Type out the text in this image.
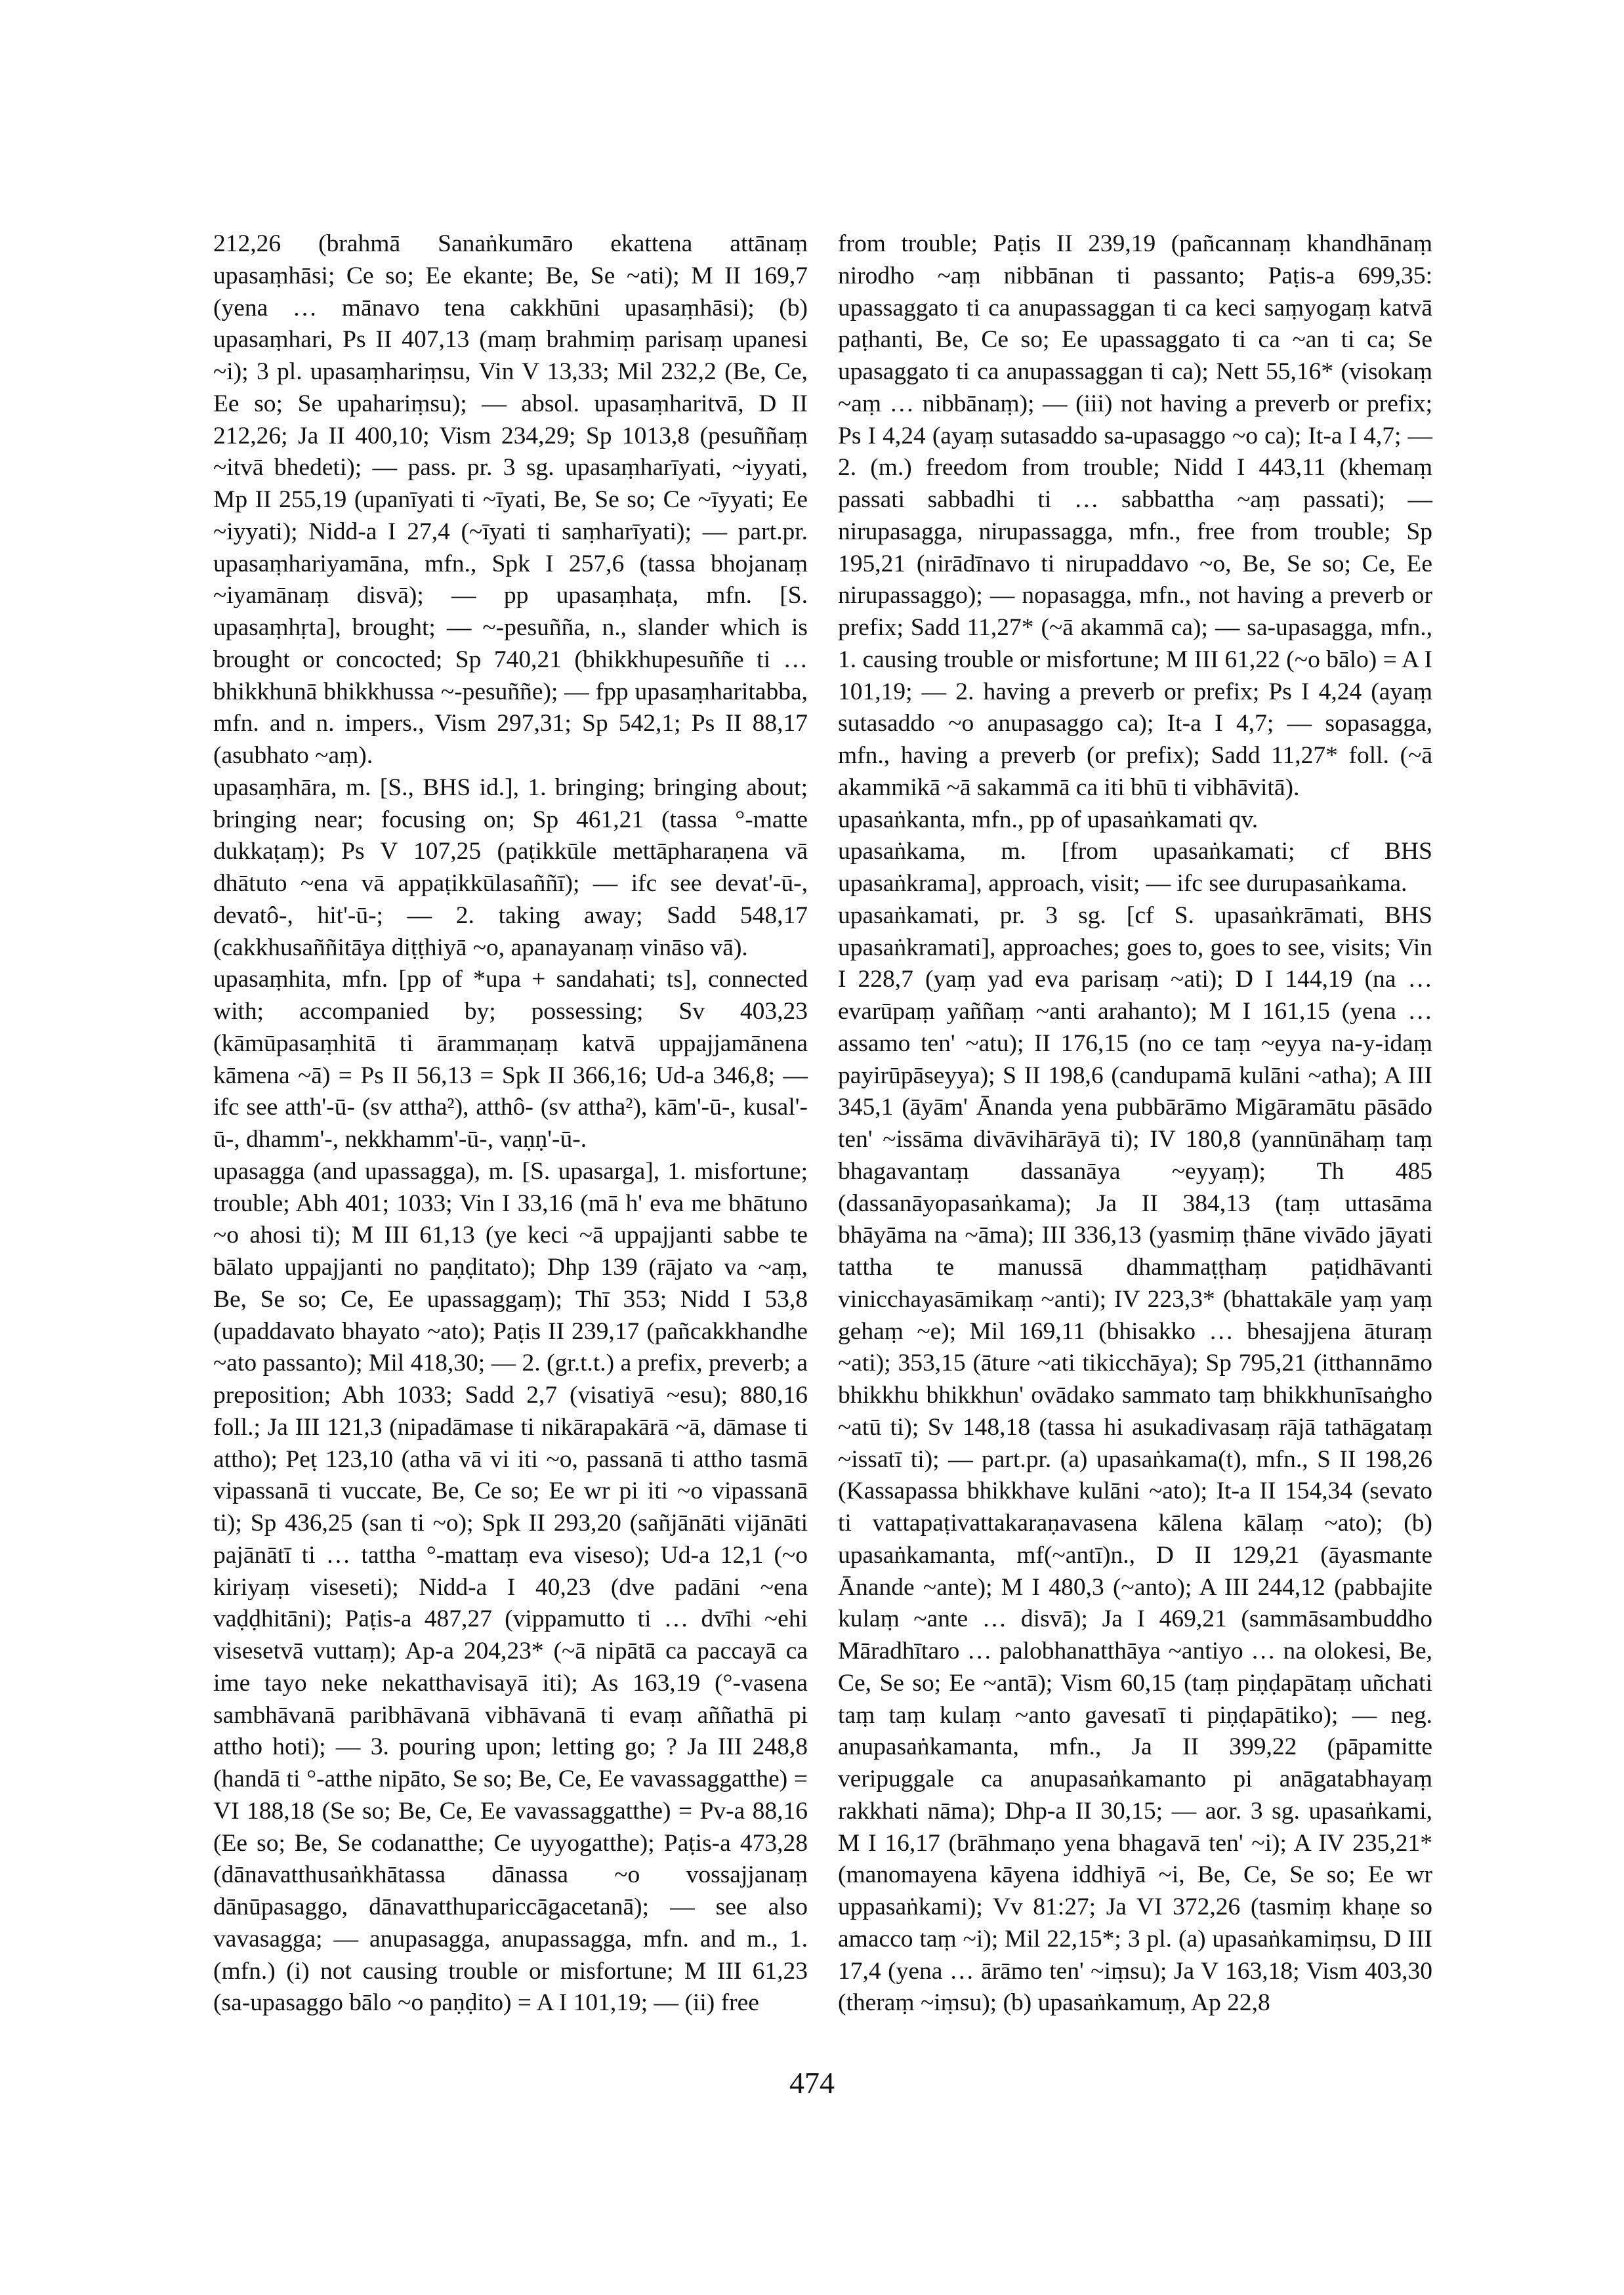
212,26 (brahmā Sanaṅkumāro ekattena attānaṃ upasaṃhāsi; Ce so; Ee ekante; Be, Se ~ati); M II 169,7 (yena … mānavo tena cakkhūni upasaṃhāsi); (b) upasaṃhari, Ps II 407,13 (maṃ brahmiṃ parisaṃ upanesi ~i); 3 pl. upasaṃhariṃsu, Vin V 13,33; Mil 232,2 (Be, Ce, Ee so; Se upahariṃsu); — absol. upasaṃharitvā, D II 212,26; Ja II 400,10; Vism 234,29; Sp 1013,8 (pesuññaṃ ~itvā bhedeti); — pass. pr. 3 sg. upasaṃharīyati, ~iyyati, Mp II 255,19 (upanīyati ti ~īyati, Be, Se so; Ce ~īyyati; Ee ~iyyati); Nidd-a I 27,4 (~īyati ti saṃharīyati); — part.pr. upasaṃhariyamāna, mfn., Spk I 257,6 (tassa bhojanaṃ ~iyamānaṃ disvā); — pp upasaṃhaṭa, mfn. [S. upasaṃhṛta], brought; — ~-pesuñña, n., slander which is brought or concocted; Sp 740,21 (bhikkhupesuññe ti … bhikkhunā bhikkhussa ~-pesuññe); — fpp upasaṃharitabba, mfn. and n. impers., Vism 297,31; Sp 542,1; Ps II 88,17 (asubhato ~aṃ).

upasaṃhāra, m. [S., BHS id.], 1. bringing; bringing about; bringing near; focusing on; Sp 461,21 (tassa °-matte dukkaṭaṃ); Ps V 107,25 (paṭikkūle mettāpharaṇena vā dhātuto ~ena vā appaṭikkūlasaññī); — ifc see devat'-ū-, devatô-, hit'-ū-; — 2. taking away; Sadd 548,17 (cakkhusaññitāya diṭṭhiyā ~o, apanayanaṃ vināso vā).

upasaṃhita, mfn. [pp of *upa + sandahati; ts], connected with; accompanied by; possessing; Sv 403,23 (kāmūpasaṃhitā ti ārammaṇaṃ katvā uppajjamānena kāmena ~ā) = Ps II 56,13 = Spk II 366,16; Ud-a 346,8; — ifc see atth'-ū- (sv attha²), atthô- (sv attha²), kām'-ū-, kusal'-ū-, dhamm'-, nekkhamm'-ū-, vaṇṇ'-ū-.

upasagga (and upassagga), m. [S. upasarga], 1. misfortune; trouble; Abh 401; 1033; Vin I 33,16 (mā h' eva me bhātuno ~o ahosi ti); M III 61,13 (ye keci ~ā uppajjanti sabbe te bālato uppajjanti no paṇḍitato); Dhp 139 (rājato va ~aṃ, Be, Se so; Ce, Ee upassaggaṃ); Thī 353; Nidd I 53,8 (upaddavato bhayato ~ato); Paṭis II 239,17 (pañcakkhandhe ~ato passanto); Mil 418,30; — 2. (gr.t.t.) a prefix, preverb; a preposition; Abh 1033; Sadd 2,7 (visatiyā ~esu); 880,16 foll.; Ja III 121,3 (nipadāmase ti nikārapakārā ~ā, dāmase ti attho); Peṭ 123,10 (atha vā vi iti ~o, passanā ti attho tasmā vipassanā ti vuccate, Be, Ce so; Ee wr pi iti ~o vipassanā ti); Sp 436,25 (san ti ~o); Spk II 293,20 (sañjānāti vijānāti pajānātī ti … tattha °-mattaṃ eva viseso); Ud-a 12,1 (~o kiriyaṃ viseseti); Nidd-a I 40,23 (dve padāni ~ena vaḍḍhitāni); Paṭis-a 487,27 (vippamutto ti … dvīhi ~ehi visesetvā vuttaṃ); Ap-a 204,23* (~ā nipātā ca paccayā ca ime tayo neke nekatthavisayā iti); As 163,19 (°-vasena sambhāvanā paribhāvanā vibhāvanā ti evaṃ aññathā pi attho hoti); — 3. pouring upon; letting go; ? Ja III 248,8 (handā ti °-atthe nipāto, Se so; Be, Ce, Ee vavassaggatthe) = VI 188,18 (Se so; Be, Ce, Ee vavassaggatthe) = Pv-a 88,16 (Ee so; Be, Se codanatthe; Ce uyyogatthe); Paṭis-a 473,28 (dānavatthusaṅkhātassa dānassa ~o vossajjanaṃ dānūpasaggo, dānavatthupariccāgacetanā); — see also vavasagga; — anupasagga, anupassagga, mfn. and m., 1. (mfn.) (i) not causing trouble or misfortune; M III 61,23 (sa-upasaggo bālo ~o paṇḍito) = A I 101,19; — (ii) free

from trouble; Paṭis II 239,19 (pañcannaṃ khandhānaṃ nirodho ~aṃ nibbānan ti passanto; Paṭis-a 699,35: upassaggato ti ca anupassaggan ti ca keci saṃyogaṃ katvā paṭhanti, Be, Ce so; Ee upassaggato ti ca ~an ti ca; Se upasaggato ti ca anupassaggan ti ca); Nett 55,16* (visokaṃ ~aṃ … nibbānaṃ); — (iii) not having a preverb or prefix; Ps I 4,24 (ayaṃ sutasaddo sa-upasaggo ~o ca); It-a I 4,7; — 2. (m.) freedom from trouble; Nidd I 443,11 (khemaṃ passati sabbadhi ti … sabbattha ~aṃ passati); — nirupasagga, nirupassagga, mfn., free from trouble; Sp 195,21 (nirādīnavo ti nirupaddavo ~o, Be, Se so; Ce, Ee nirupassaggo); — nopasagga, mfn., not having a preverb or prefix; Sadd 11,27* (~ā akammā ca); — sa-upasagga, mfn., 1. causing trouble or misfortune; M III 61,22 (~o bālo) = A I 101,19; — 2. having a preverb or prefix; Ps I 4,24 (ayaṃ sutasaddo ~o anupasaggo ca); It-a I 4,7; — sopasagga, mfn., having a preverb (or prefix); Sadd 11,27* foll. (~ā akammikā ~ā sakammā ca iti bhū ti vibhāvitā).

upasaṅkanta, mfn., pp of upasaṅkamati qv.

upasaṅkama, m. [from upasaṅkamati; cf BHS upasaṅkrama], approach, visit; — ifc see durupasaṅkama.

upasaṅkamati, pr. 3 sg. [cf S. upasaṅkrāmati, BHS upasaṅkramati], approaches; goes to, goes to see, visits; Vin I 228,7 (yaṃ yad eva parisaṃ ~ati); D I 144,19 (na … evarūpaṃ yaññaṃ ~anti arahanto); M I 161,15 (yena … assamo ten' ~atu); II 176,15 (no ce taṃ ~eyya na-y-idaṃ payirūpāseyya); S II 198,6 (candupamā kulāni ~atha); A III 345,1 (āyām' Ānanda yena pubbārāmo Migāramātu pāsādo ten' ~issāma divāvihārāyā ti); IV 180,8 (yannūnāhaṃ taṃ bhagavantaṃ dassanāya ~eyyaṃ); Th 485 (dassanāyopasaṅkama); Ja II 384,13 (taṃ uttasāma bhāyāma na ~āma); III 336,13 (yasmiṃ ṭhāne vivādo jāyati tattha te manussā dhammaṭṭhaṃ paṭidhāvanti vinicchayasāmikaṃ ~anti); IV 223,3* (bhattakāle yaṃ yaṃ gehaṃ ~e); Mil 169,11 (bhisakko … bhesajjena āturaṃ ~ati); 353,15 (āture ~ati tikicchāya); Sp 795,21 (itthannāmo bhikkhu bhikkhun' ovādako sammato taṃ bhikkhunīsaṅgho ~atū ti); Sv 148,18 (tassa hi asukadivasaṃ rājā tathāgataṃ ~issatī ti); — part.pr. (a) upasaṅkama(t), mfn., S II 198,26 (Kassapassa bhikkhave kulāni ~ato); It-a II 154,34 (sevato ti vattapaṭivattakaraṇavasena kālena kālaṃ ~ato); (b) upasaṅkamanta, mf(~antī)n., D II 129,21 (āyasmante Ānande ~ante); M I 480,3 (~anto); A III 244,12 (pabbajite kulaṃ ~ante … disvā); Ja I 469,21 (sammāsambuddho Māradhītaro … palobhanatthāya ~antiyo … na olokesi, Be, Ce, Se so; Ee ~antā); Vism 60,15 (taṃ piṇḍapātaṃ uñchati taṃ taṃ kulaṃ ~anto gavesatī ti piṇḍapātiko); — neg. anupasaṅkamanta, mfn., Ja II 399,22 (pāpamitte veripuggale ca anupasaṅkamanto pi anāgatabhayaṃ rakkhati nāma); Dhp-a II 30,15; — aor. 3 sg. upasaṅkami, M I 16,17 (brāhmaṇo yena bhagavā ten' ~i); A IV 235,21* (manomayena kāyena iddhiyā ~i, Be, Ce, Se so; Ee wr uppasaṅkami); Vv 81:27; Ja VI 372,26 (tasmiṃ khaṇe so amacco taṃ ~i); Mil 22,15*; 3 pl. (a) upasaṅkamiṃsu, D III 17,4 (yena … ārāmo ten' ~iṃsu); Ja V 163,18; Vism 403,30 (theraṃ ~iṃsu); (b) upasaṅkamuṃ, Ap 22,8

474
